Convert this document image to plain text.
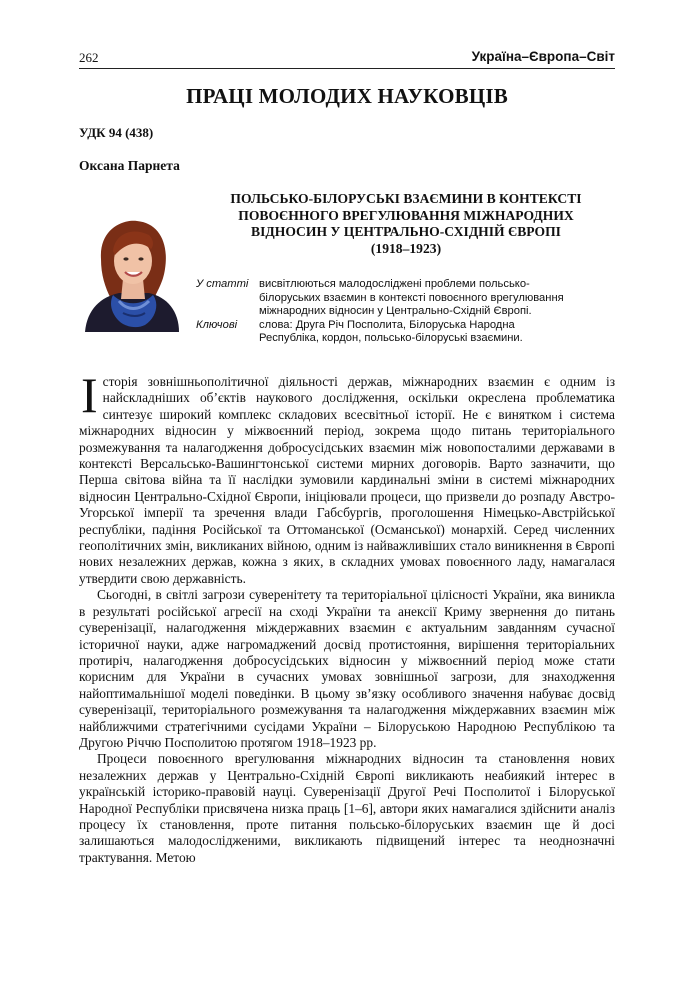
262	Україна–Європа–Світ
ПРАЦІ МОЛОДИХ НАУКОВЦІВ
УДК 94 (438)
Оксана Парнета
ПОЛЬСЬКО-БІЛОРУСЬКІ ВЗАЄМИНИ В КОНТЕКСТІ
ПОВОЄННОГО ВРЕГУЛЮВАННЯ МІЖНАРОДНИХ
ВІДНОСИН У ЦЕНТРАЛЬНО-СХІДНІЙ ЄВРОПІ
(1918–1923)
У статті висвітлюються малодосліджені проблеми польсько-
білоруських взаємин в контексті повоєнного врегулювання
міжнародних відносин у Центрально-Східній Європі.
Ключові	слова: Друга Річ Посполита, Білоруська Народна
Республіка, кордон, польсько-білоруські взаємини.

Історія зовнішньополітичної діяльності держав, міжнародних взаємин є одним із найскладніших об’єктів наукового дослідження, оскільки окреслена проблематика синтезує широкий комплекс складових всесвітньої історії. Не є винятком і система міжнародних відносин у міжвоєнний період, зокрема щодо питань територіального розмежування та налагодження добросусідських взаємин між новопосталими державами в контексті Версальсько-Вашингтонської системи мирних договорів. Варто зазначити, що Перша світова війна та її наслідки зумовили кардинальні зміни в системі міжнародних відносин Центрально-Східної Європи, ініціювали процеси, що призвели до розпаду Австро-Угорської імперії та зречення влади Габсбургів, проголошення Німецько-Австрійської республіки, падіння Російської та Оттоманської (Османської) монархій. Серед численних геополітичних змін, викликаних війною, одним із найважливіших стало виникнення в Європі нових незалежних держав, кожна з яких, в складних умовах повоєнного ладу, намагалася утвердити свою державність.

Сьогодні, в світлі загрози суверенітету та територіальної цілісності України, яка виникла в результаті російської агресії на сході України та анексії Криму звернення до питань суверенізації, налагодження міждержавних взаємин є актуальним завданням сучасної історичної науки, адже нагромаджений досвід протистояння, вирішення територіальних протиріч, налагодження добросусідських відносин у міжвоєнний період може стати корисним для України в сучасних умовах зовнішньої загрози, для знаходження найоптимальнішої моделі поведінки. В цьому зв’язку особливого значення набуває досвід суверенізації, територіального розмежування та налагодження міждержавних взаємин між найближчими стратегічними сусідами України – Білоруською Народною Республікою та Другою Річчю Посполитою протягом 1918–1923 рр.

Процеси повоєнного врегулювання міжнародних відносин та становлення нових незалежних держав у Центрально-Східній Європі викликають неабиякий інтерес в українській історико-правовій науці. Суверенізації Другої Речі Посполитої і Білоруської Народної Республіки присвячена низка праць [1–6], автори яких намагалися здійснити аналіз процесу їх становлення, проте питання польсько-білоруських взаємин ще й досі залишаються малодослідженими, викликають підвищений інтерес та неоднозначні трактування. Метою
